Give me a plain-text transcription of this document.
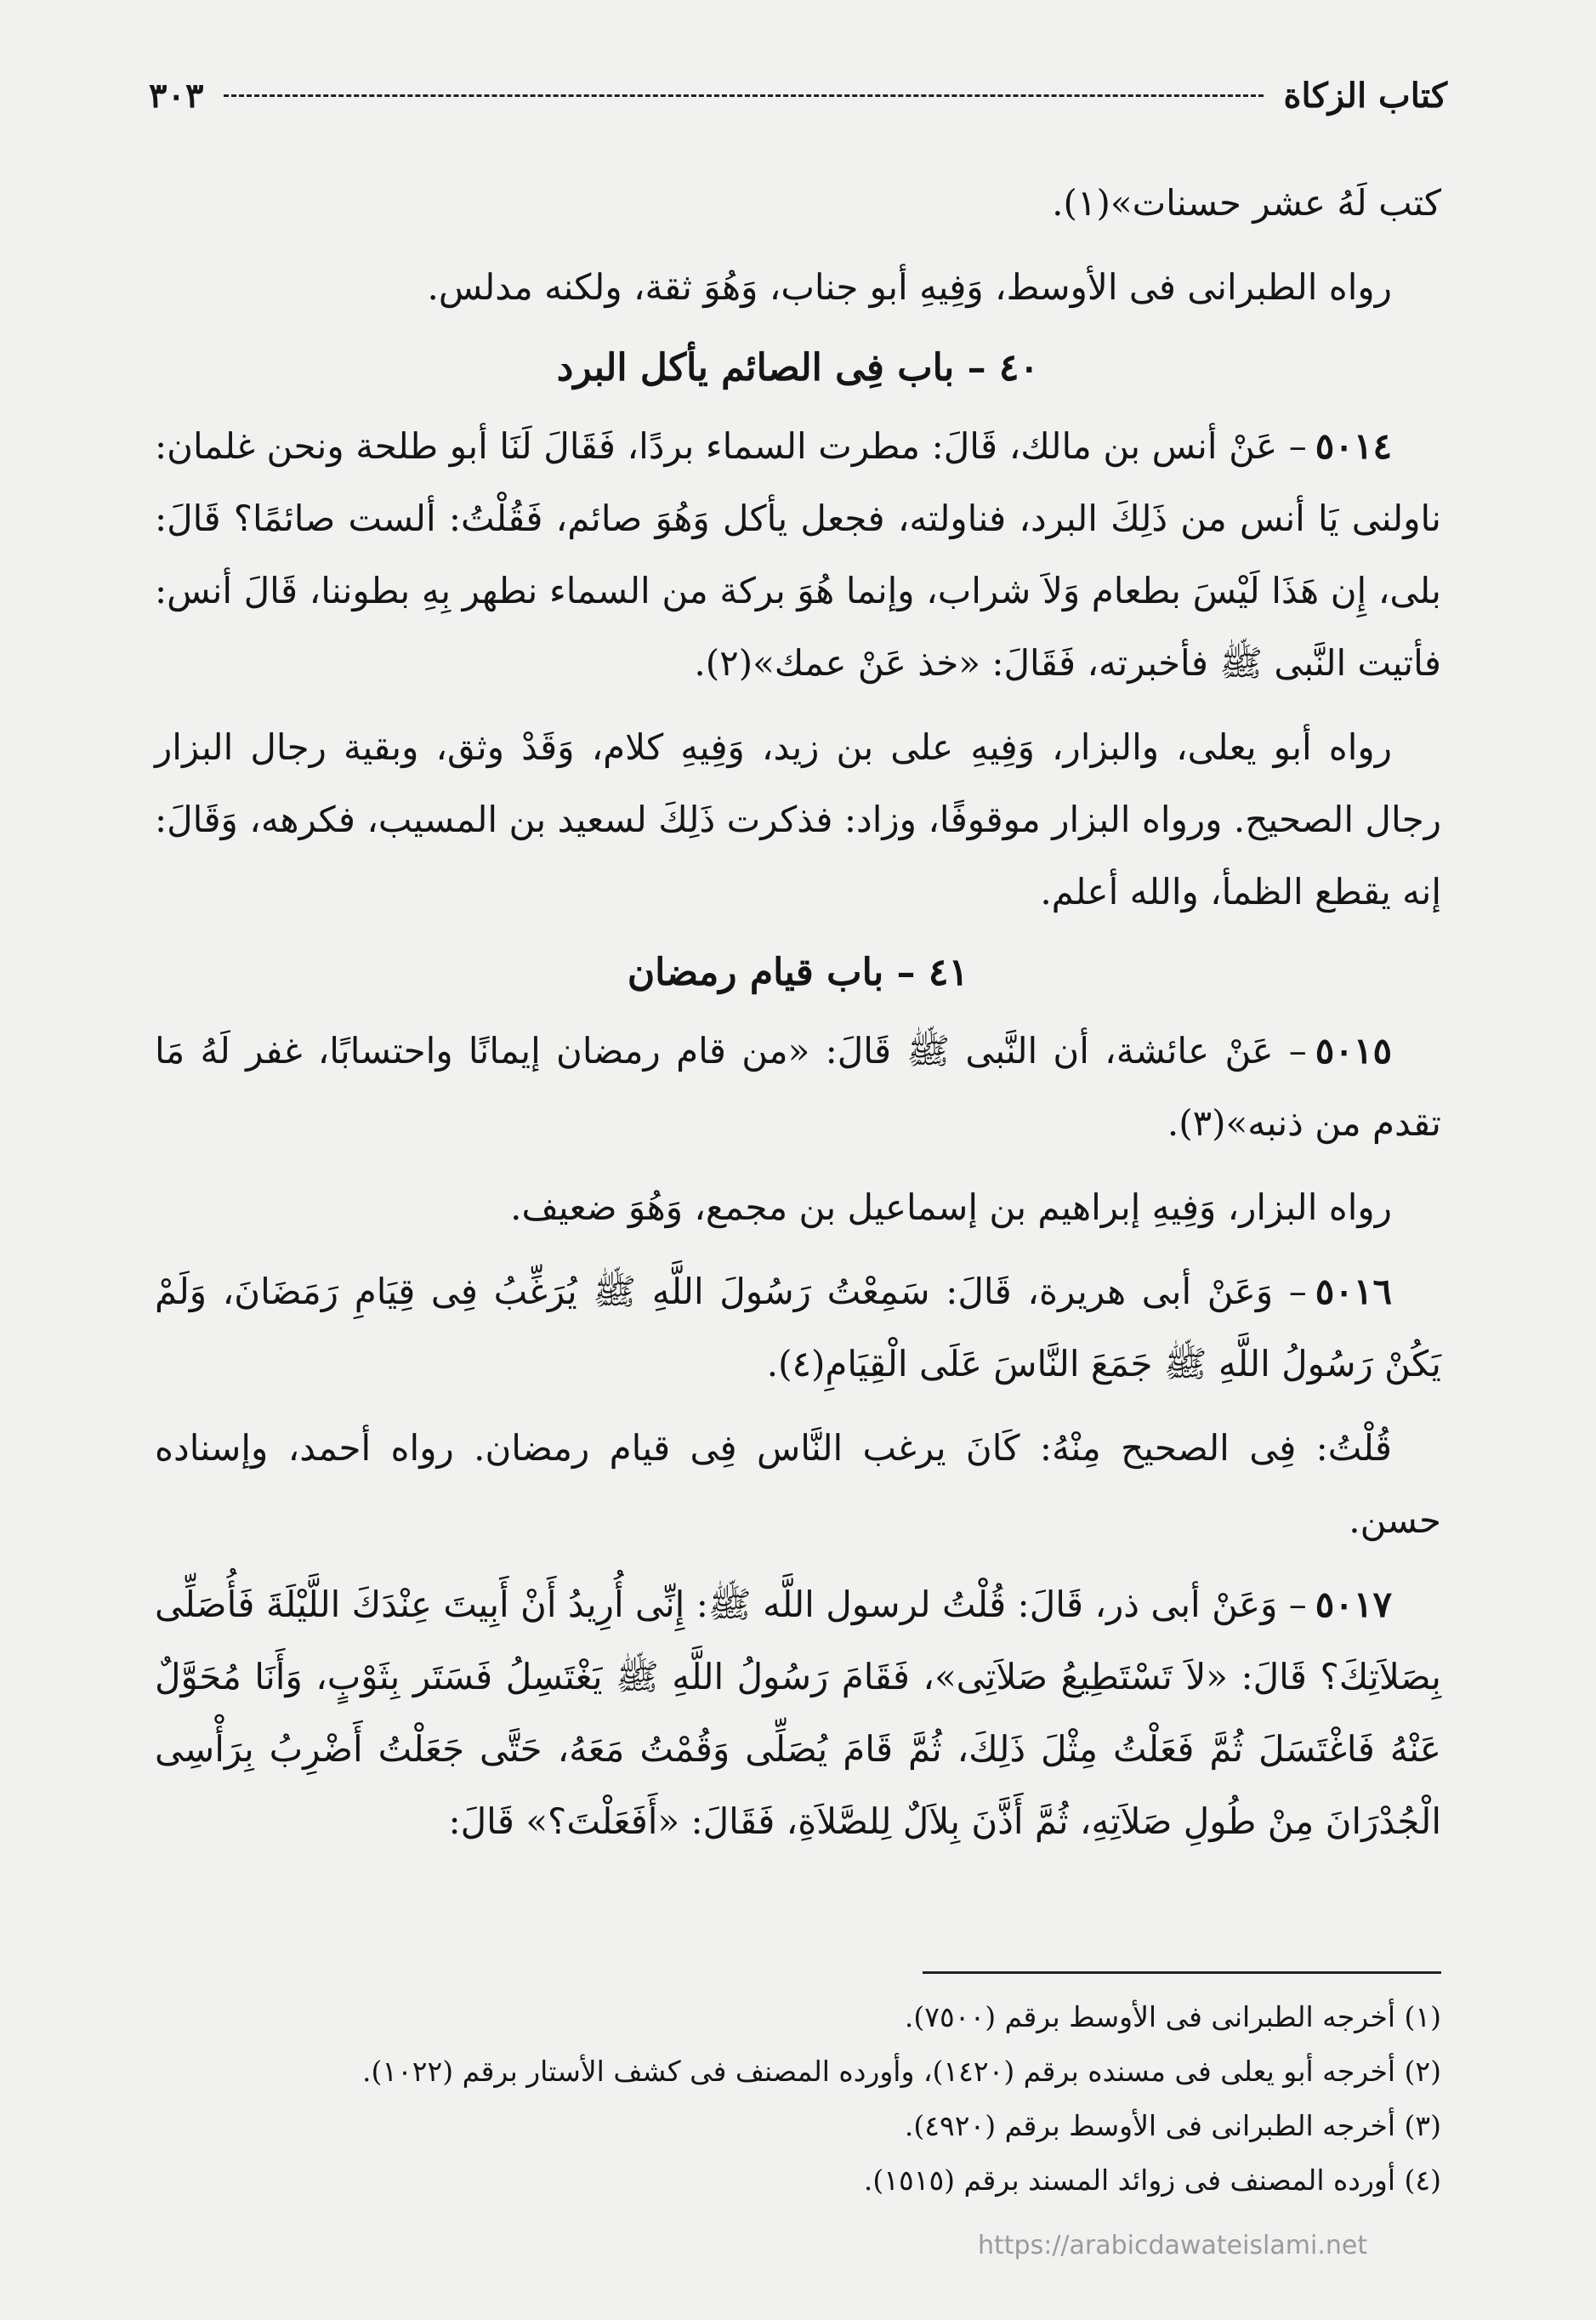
كتاب الزكاة
٣٠٣

كتب لَهُ عشر حسنات»(١).

رواه الطبرانى فى الأوسط، وَفِيهِ أبو جناب، وَهُوَ ثقة، ولكنه مدلس.

٤٠ – باب فِى الصائم يأكل البرد

٥٠١٤– عَنْ أنس بن مالك، قَالَ: مطرت السماء بردًا، فَقَالَ لَنَا أبو طلحة ونحن غلمان: ناولنى يَا أنس من ذَلِكَ البرد، فناولته، فجعل يأكل وَهُوَ صائم، فَقُلْتُ: ألست صائمًا؟ قَالَ: بلى، إِن هَذَا لَيْسَ بطعام وَلاَ شراب، وإنما هُوَ بركة من السماء نطهر بِهِ بطوننا، قَالَ أنس: فأتيت النَّبى ﷺ فأخبرته، فَقَالَ: «خذ عَنْ عمك»(٢).

رواه أبو يعلى، والبزار، وَفِيهِ على بن زيد، وَفِيهِ كلام، وَقَدْ وثق، وبقية رجال البزار رجال الصحيح. ورواه البزار موقوفًا، وزاد: فذكرت ذَلِكَ لسعيد بن المسيب، فكرهه، وَقَالَ: إنه يقطع الظمأ، والله أعلم.

٤١ – باب قيام رمضان

٥٠١٥– عَنْ عائشة، أن النَّبى ﷺ قَالَ: «من قام رمضان إيمانًا واحتسابًا، غفر لَهُ مَا تقدم من ذنبه»(٣).

رواه البزار، وَفِيهِ إبراهيم بن إسماعيل بن مجمع، وَهُوَ ضعيف.

٥٠١٦– وَعَنْ أبى هريرة، قَالَ: سَمِعْتُ رَسُولَ اللَّهِ ﷺ يُرَغِّبُ فِى قِيَامِ رَمَضَانَ، وَلَمْ يَكُنْ رَسُولُ اللَّهِ ﷺ جَمَعَ النَّاسَ عَلَى الْقِيَامِ(٤).

قُلْتُ: فِى الصحيح مِنْهُ: كَانَ يرغب النَّاس فِى قيام رمضان. رواه أحمد، وإسناده حسن.

٥٠١٧– وَعَنْ أبى ذر، قَالَ: قُلْتُ لرسول اللَّه ﷺ: إِنِّى أُرِيدُ أَنْ أَبِيتَ عِنْدَكَ اللَّيْلَةَ فَأُصَلِّى بِصَلاَتِكَ؟ قَالَ: «لاَ تَسْتَطِيعُ صَلاَتِى»، فَقَامَ رَسُولُ اللَّهِ ﷺ يَغْتَسِلُ فَسَتَر بِثَوْبٍ، وَأَنَا مُحَوَّلٌ عَنْهُ فَاغْتَسَلَ ثُمَّ فَعَلْتُ مِثْلَ ذَلِكَ، ثُمَّ قَامَ يُصَلِّى وَقُمْتُ مَعَهُ، حَتَّى جَعَلْتُ أَضْرِبُ بِرَأْسِى الْجُدْرَانَ مِنْ طُولِ صَلاَتِهِ، ثُمَّ أَذَّنَ بِلاَلٌ لِلصَّلاَةِ، فَقَالَ: «أَفَعَلْتَ؟» قَالَ:

(١) أخرجه الطبرانى فى الأوسط برقم (٧٥٠٠).

(٢) أخرجه أبو يعلى فى مسنده برقم (١٤٢٠)، وأورده المصنف فى كشف الأستار برقم (١٠٢٢).

(٣) أخرجه الطبرانى فى الأوسط برقم (٤٩٢٠).

(٤) أورده المصنف فى زوائد المسند برقم (١٥١٥).

https://arabicdawateislami.net
